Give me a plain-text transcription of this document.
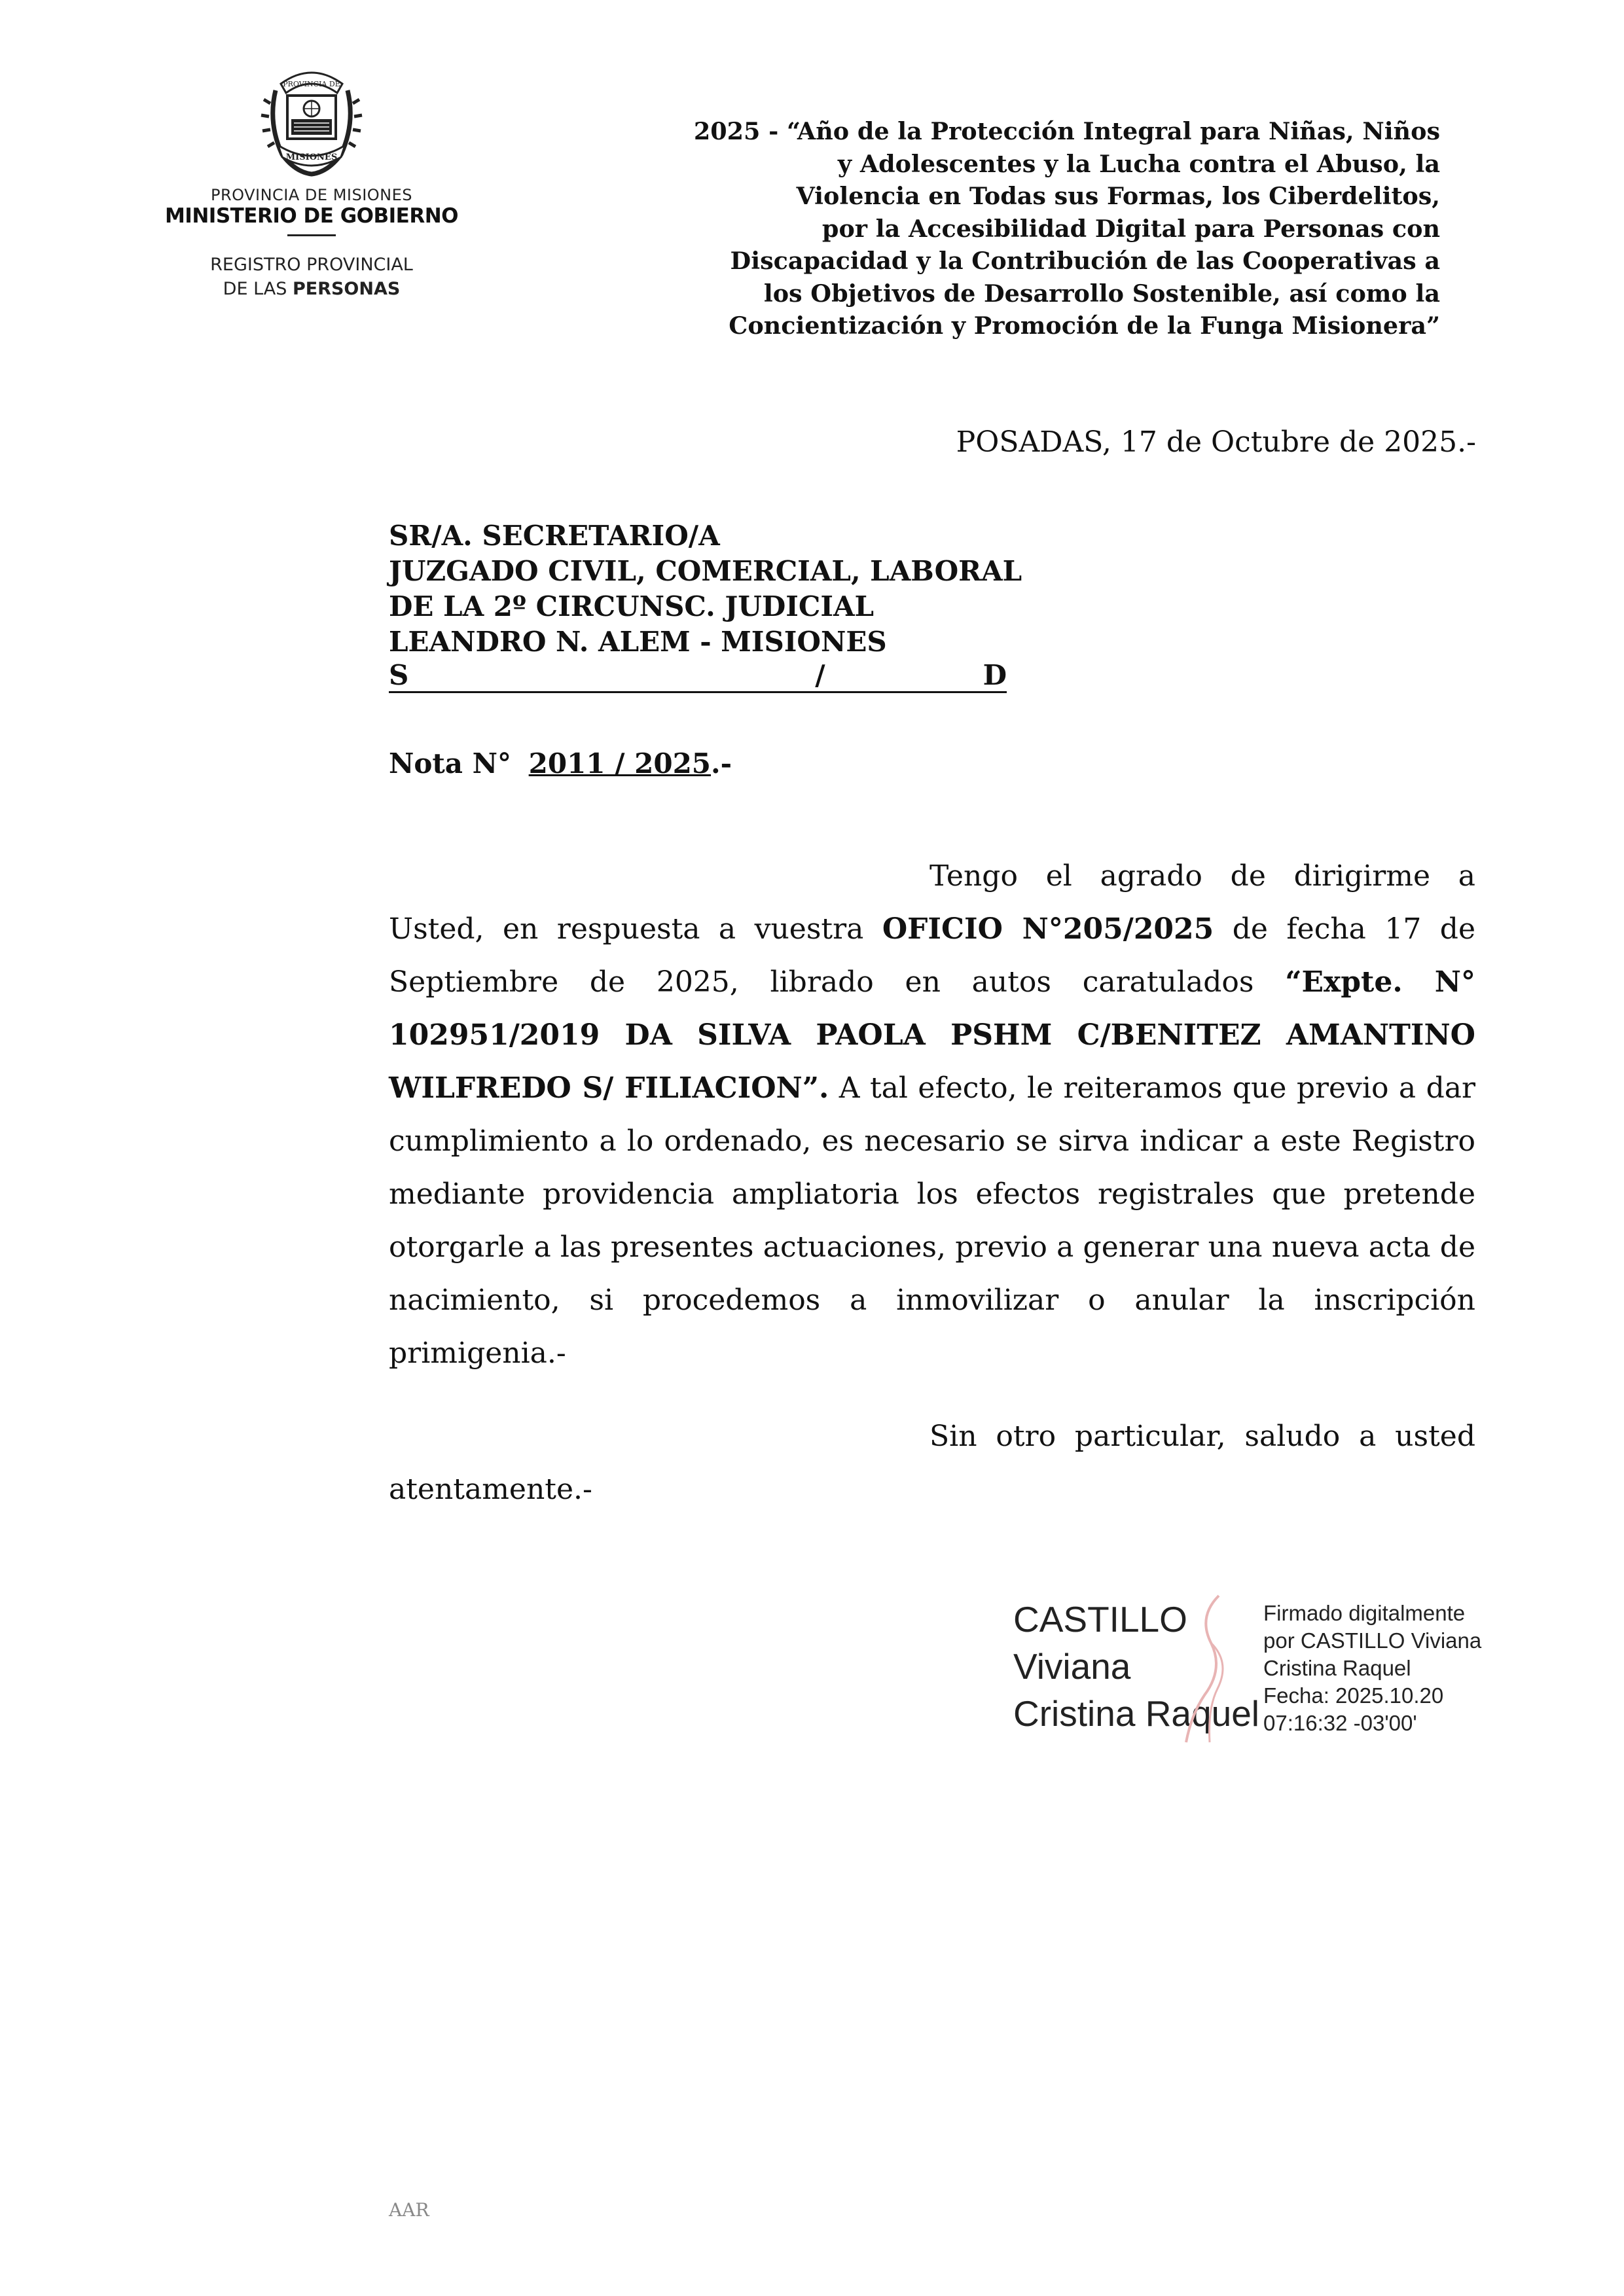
PROVINCIA DE
MISIONES
PROVINCIA DE MISIONES
MINISTERIO DE GOBIERNO
REGISTRO PROVINCIAL
DE LAS PERSONAS
2025 - “Año de la Protección Integral para Niñas, Niños
y Adolescentes y la Lucha contra el Abuso, la
Violencia en Todas sus Formas, los Ciberdelitos,
por la Accesibilidad Digital para Personas con
Discapacidad y la Contribución de las Cooperativas a
los Objetivos de Desarrollo Sostenible, así como la
Concientización y Promoción de la Funga Misionera”
POSADAS, 17 de Octubre de 2025.-
SR/A. SECRETARIO/A
JUZGADO CIVIL, COMERCIAL, LABORAL
DE LA 2º CIRCUNSC. JUDICIAL
LEANDRO N. ALEM - MISIONES
S	/	D
Nota N° 2011 / 2025.-
Tengo el agrado de dirigirme a
Usted, en respuesta a vuestra OFICIO N°205/2025 de fecha 17 de
Septiembre de 2025, librado en autos caratulados “Expte. N°
102951/2019 DA SILVA PAOLA PSHM C/BENITEZ AMANTINO
WILFREDO S/ FILIACION”. A tal efecto, le reiteramos que previo a dar
cumplimiento a lo ordenado, es necesario se sirva indicar a este Registro
mediante providencia ampliatoria los efectos registrales que pretende
otorgarle a las presentes actuaciones, previo a generar una nueva acta de
nacimiento, si procedemos a inmovilizar o anular la inscripción
primigenia.-
Sin otro particular, saludo a usted
atentamente.-
CASTILLO
Viviana
Cristina Raquel
Firmado digitalmente
por CASTILLO Viviana
Cristina Raquel
Fecha: 2025.10.20
07:16:32 -03'00'
AAR
